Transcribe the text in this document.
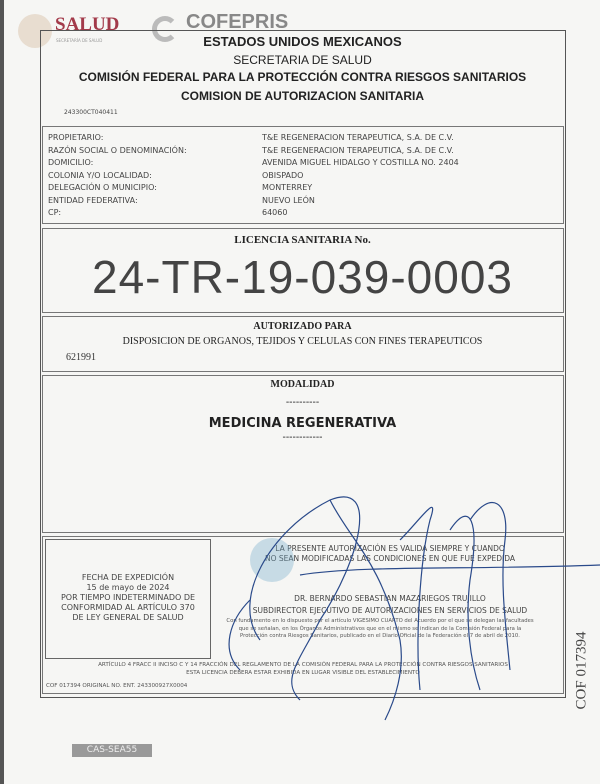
SALUD
SECRETARÍA DE SALUD
COFEPRIS
ESTADOS UNIDOS MEXICANOS
SECRETARIA DE SALUD
COMISIÓN FEDERAL PARA LA PROTECCIÓN CONTRA RIESGOS SANITARIOS
COMISION DE AUTORIZACION SANITARIA
243300CT040411
PROPIETARIO:	T&E REGENERACION TERAPEUTICA, S.A. DE C.V.
RAZÓN SOCIAL O DENOMINACIÓN:	T&E REGENERACION TERAPEUTICA, S.A. DE C.V.
DOMICILIO:	AVENIDA MIGUEL HIDALGO Y COSTILLA NO. 2404
COLONIA Y/O LOCALIDAD:	OBISPADO
DELEGACIÓN O MUNICIPIO:	MONTERREY
ENTIDAD FEDERATIVA:	NUEVO LEÓN
CP:	64060
LICENCIA SANITARIA No.
24-TR-19-039-0003
AUTORIZADO PARA
DISPOSICION DE ORGANOS, TEJIDOS Y CELULAS CON FINES TERAPEUTICOS
621991
MODALIDAD
----------
MEDICINA REGENERATIVA
------------
FECHA DE EXPEDICIÓN
15 de mayo de 2024
POR TIEMPO INDETERMINADO DE
CONFORMIDAD AL ARTÍCULO 370
DE LEY GENERAL DE SALUD
LA PRESENTE AUTORIZACIÓN ES VALIDA SIEMPRE Y CUANDO
NO SEAN MODIFICADAS LAS CONDICIONES EN QUE FUE EXPEDIDA
DR. BERNARDO SEBASTIAN MAZARIEGOS TRUJILLO
SUBDIRECTOR EJECUTIVO DE AUTORIZACIONES EN SERVICIOS DE SALUD
Con fundamento en lo dispuesto por el artículo VIGESIMO CUARTO del Acuerdo por el que se delegan las facultades que se señalan, en los Órganos Administrativos que en el mismo se indican de la Comisión Federal para la Protección contra Riesgos Sanitarios, publicado en el Diario Oficial de la Federación el 7 de abril de 2010.
ARTÍCULO 4 FRACC II INCISO C Y 14 FRACCIÓN DEL REGLAMENTO DE LA COMISIÓN FEDERAL PARA LA PROTECCIÓN CONTRA RIESGOS SANITARIOS
ESTA LICENCIA DEBERA ESTAR EXHIBIDA EN LUGAR VISIBLE DEL ESTABLECIMIENTO
COF 017394 ORIGINAL NO. ENT. 243300927X0004	COF 017394
CAS-SEA55
